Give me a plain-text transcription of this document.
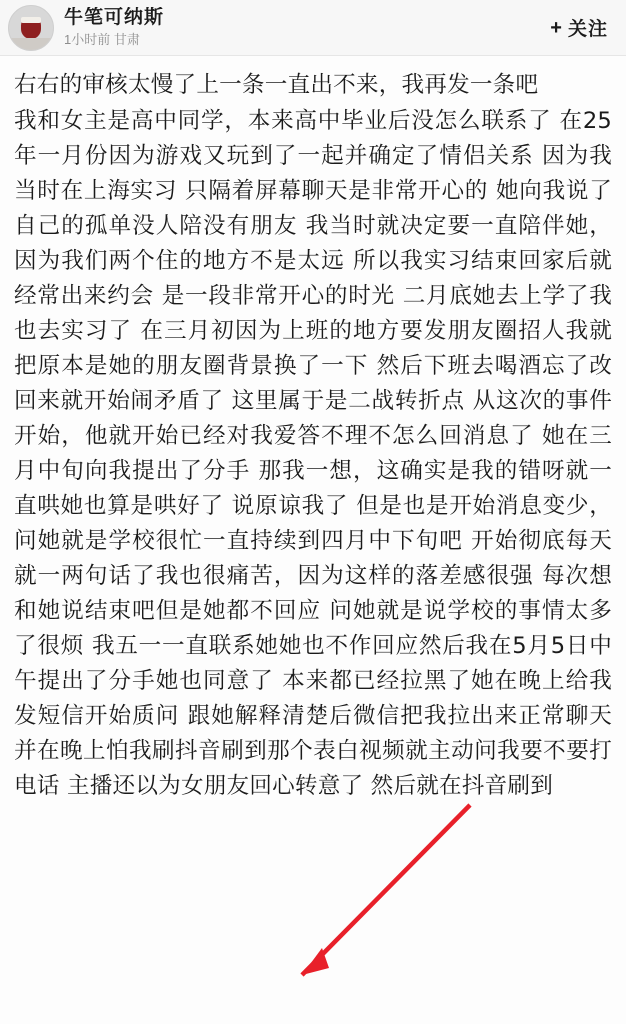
牛笔可纳斯
1小时前 甘肃
+ 关注

右右的审核太慢了上一条一直出不来，我再发一条吧

我和女主是高中同学，本来高中毕业后没怎么联系了 在25年一月份因为游戏又玩到了一起并确定了情侣关系 因为我当时在上海实习 只隔着屏幕聊天是非常开心的 她向我说了自己的孤单没人陪没有朋友 我当时就决定要一直陪伴她，因为我们两个住的地方不是太远 所以我实习结束回家后就经常出来约会 是一段非常开心的时光 二月底她去上学了我也去实习了 在三月初因为上班的地方要发朋友圈招人我就把原本是她的朋友圈背景换了一下 然后下班去喝酒忘了改回来就开始闹矛盾了 这里属于是二战转折点 从这次的事件开始，他就开始已经对我爱答不理不怎么回消息了 她在三月中旬向我提出了分手 那我一想，这确实是我的错呀就一直哄她也算是哄好了 说原谅我了 但是也是开始消息变少，问她就是学校很忙一直持续到四月中下旬吧 开始彻底每天就一两句话了我也很痛苦，因为这样的落差感很强 每次想和她说结束吧但是她都不回应 问她就是说学校的事情太多了很烦 我五一一直联系她她也不作回应然后我在5月5日中午提出了分手她也同意了 本来都已经拉黑了她在晚上给我发短信开始质问 跟她解释清楚后微信把我拉出来正常聊天 并在晚上怕我刷抖音刷到那个表白视频就主动问我要不要打电话 主播还以为女朋友回心转意了 然后就在抖音刷到
